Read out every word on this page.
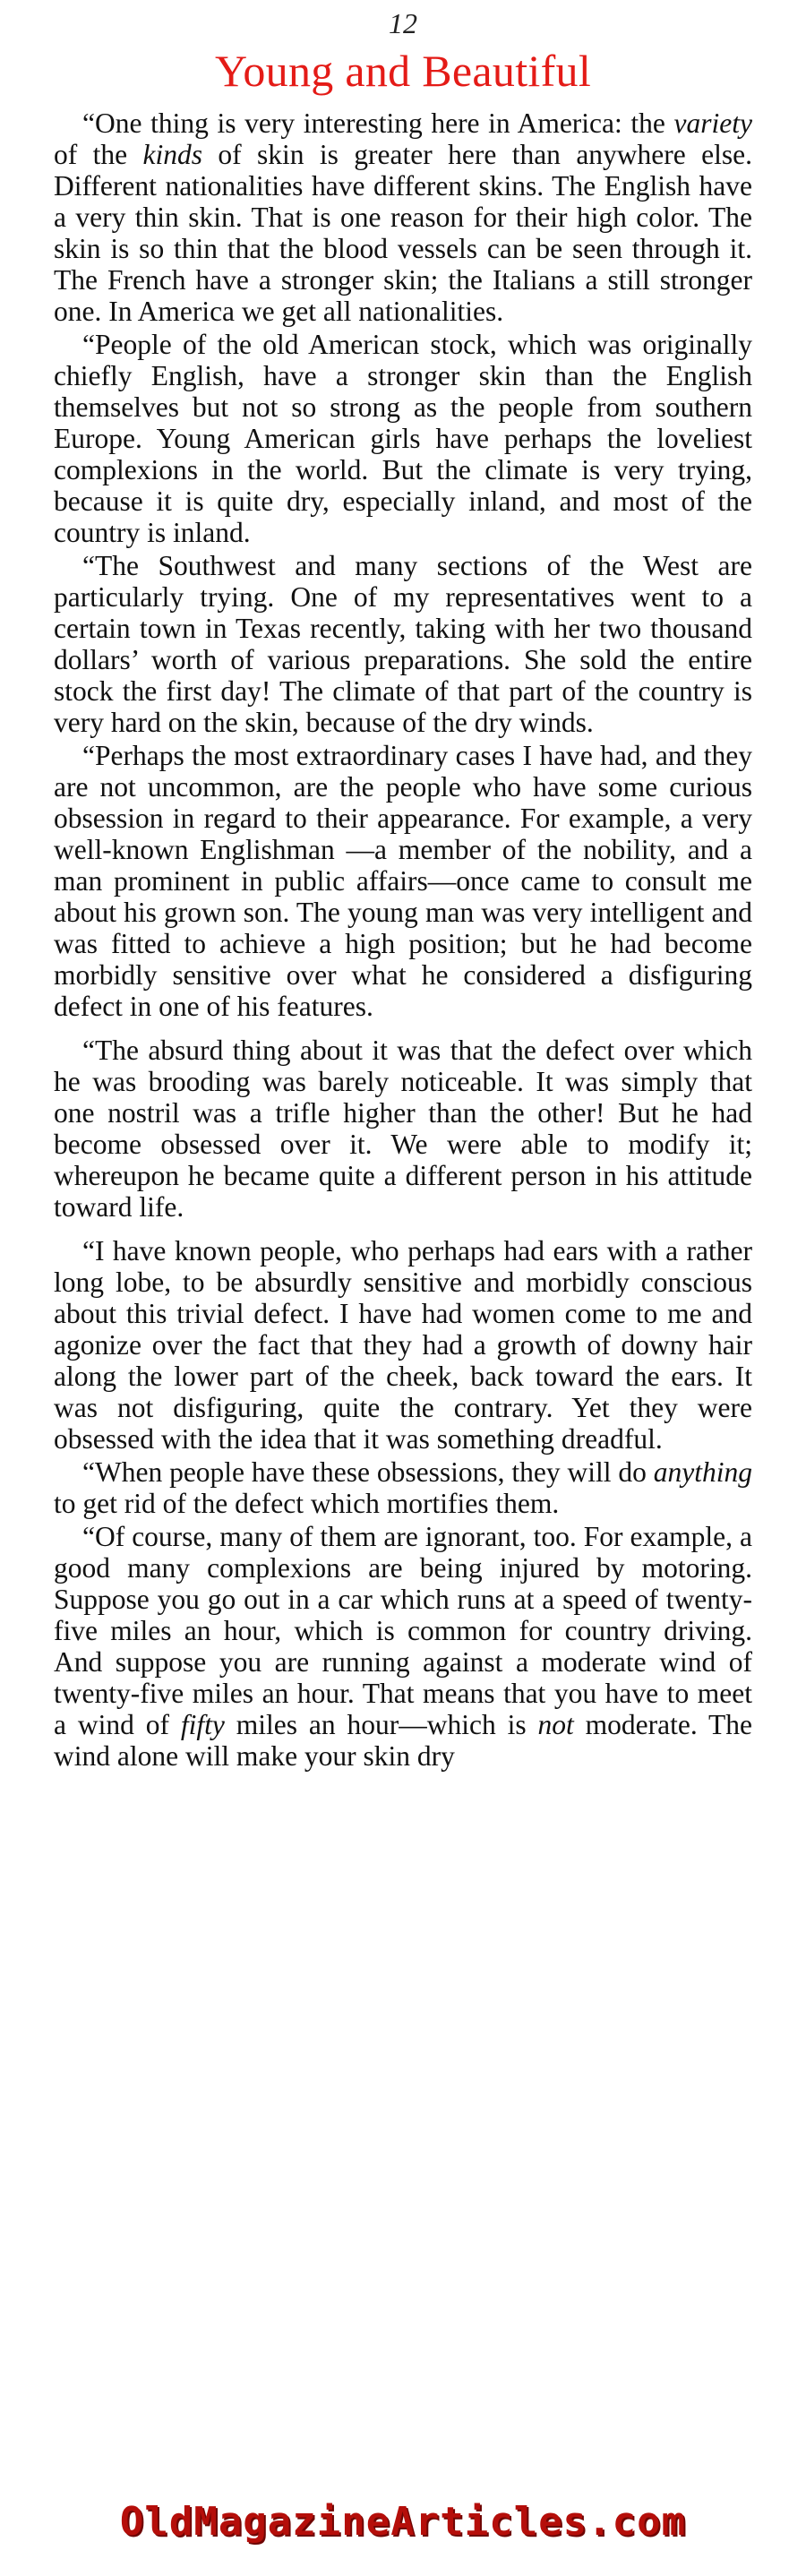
12
Young and Beautiful

“One thing is very interesting here in America: the variety of the kinds of skin is greater here than anywhere else. Different nationalities have different skins. The English have a very thin skin. That is one reason for their high color. The skin is so thin that the blood vessels can be seen through it. The French have a stronger skin; the Italians a still stronger one. In America we get all nationalities.

“People of the old American stock, which was originally chiefly English, have a stronger skin than the English themselves but not so strong as the people from southern Europe. Young American girls have perhaps the loveliest complexions in the world. But the climate is very trying, because it is quite dry, especially inland, and most of the country is inland.

“The Southwest and many sections of the West are particularly trying. One of my representatives went to a certain town in Texas recently, taking with her two thousand dollars’ worth of various preparations. She sold the entire stock the first day! The climate of that part of the country is very hard on the skin, because of the dry winds.

“Perhaps the most extraordinary cases I have had, and they are not uncommon, are the people who have some curious obsession in regard to their appearance. For example, a very well-known Englishman —a member of the nobility, and a man prominent in public affairs—once came to consult me about his grown son. The young man was very intelligent and was fitted to achieve a high position; but he had become morbidly sensitive over what he considered a disfiguring defect in one of his features.

“The absurd thing about it was that the defect over which he was brooding was barely noticeable. It was simply that one nostril was a trifle higher than the other! But he had become obsessed over it. We were able to modify it; whereupon he became quite a different person in his attitude toward life.

“I have known people, who perhaps had ears with a rather long lobe, to be absurdly sensitive and morbidly conscious about this trivial defect. I have had women come to me and agonize over the fact that they had a growth of downy hair along the lower part of the cheek, back toward the ears. It was not disfiguring, quite the contrary. Yet they were obsessed with the idea that it was something dreadful.

“When people have these obsessions, they will do anything to get rid of the defect which mortifies them.

“Of course, many of them are ignorant, too. For example, a good many complexions are being injured by motoring. Suppose you go out in a car which runs at a speed of twenty-five miles an hour, which is common for country driving. And suppose you are running against a moderate wind of twenty-five miles an hour. That means that you have to meet a wind of fifty miles an hour—which is not moderate. The wind alone will make your skin dry

OldMagazineArticles.com
